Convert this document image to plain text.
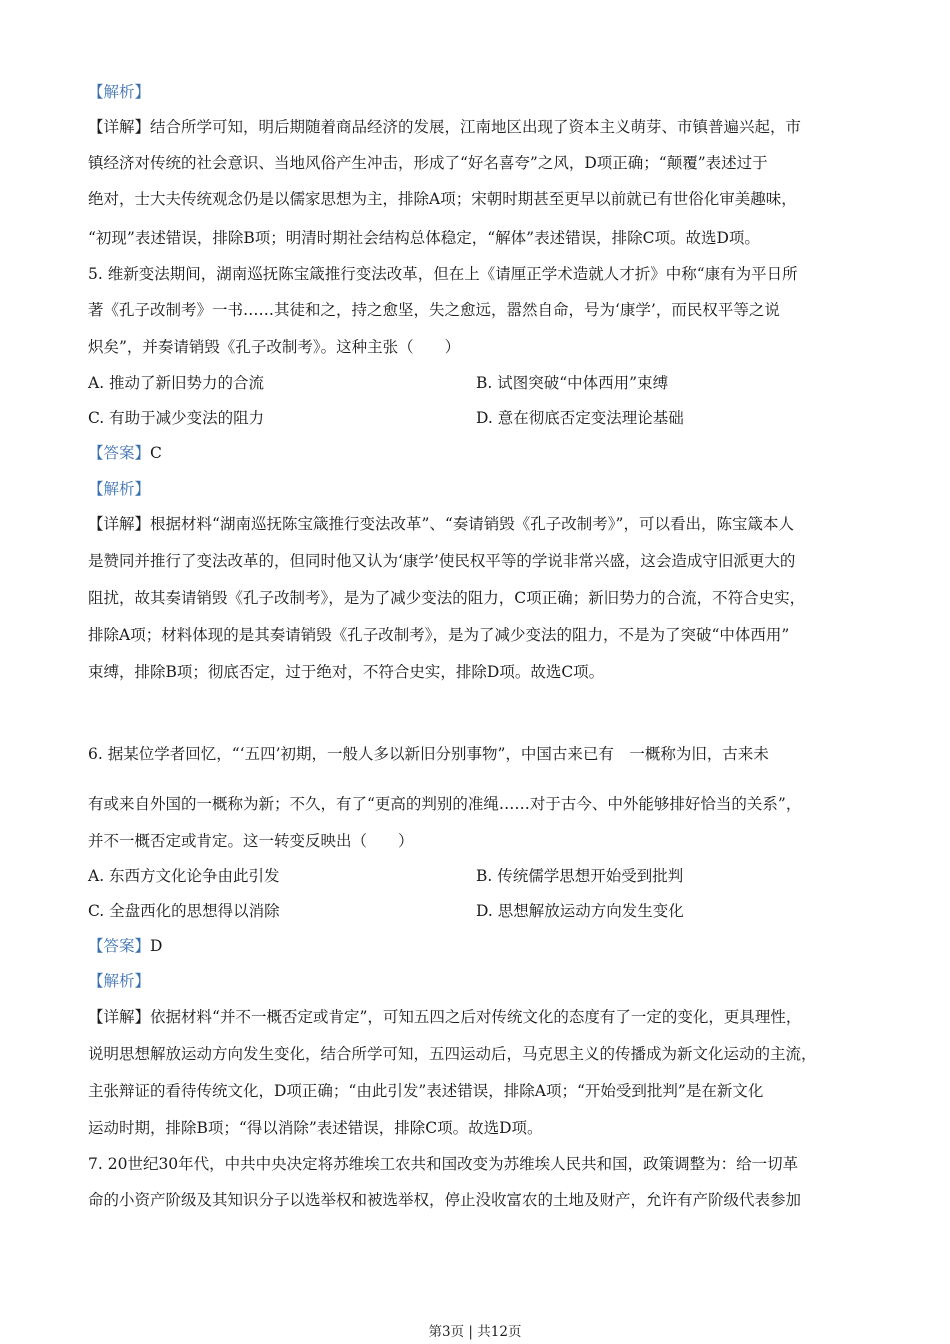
【解析】
【详解】结合所学可知，明后期随着商品经济的发展，江南地区出现了资本主义萌芽、市镇普遍兴起，市
镇经济对传统的社会意识、当地风俗产生冲击，形成了“好名喜夸”之风，D项正确；“颠覆”表述过于
绝对，士大夫传统观念仍是以儒家思想为主，排除A项；宋朝时期甚至更早以前就已有世俗化审美趣味，
“初现”表述错误，排除B项；明清时期社会结构总体稳定，“解体”表述错误，排除C项。故选D项。
5. 维新变法期间，湖南巡抚陈宝箴推行变法改革，但在上《请厘正学术造就人才折》中称“康有为平日所
著《孔子改制考》一书……其徒和之，持之愈坚，失之愈远，嚣然自命，号为‘康学’，而民权平等之说
炽矣”，并奏请销毁《孔子改制考》。这种主张（　　）
A. 推动了新旧势力的合流	B. 试图突破“中体西用”束缚
C. 有助于减少变法的阻力	D. 意在彻底否定变法理论基础
【答案】C
【解析】
【详解】根据材料“湖南巡抚陈宝箴推行变法改革”、“奏请销毁《孔子改制考》”，可以看出，陈宝箴本人
是赞同并推行了变法改革的，但同时他又认为‘康学’使民权平等的学说非常兴盛，这会造成守旧派更大的
阻扰，故其奏请销毁《孔子改制考》，是为了减少变法的阻力，C项正确；新旧势力的合流，不符合史实，
排除A项；材料体现的是其奏请销毁《孔子改制考》，是为了减少变法的阻力，不是为了突破“中体西用”
束缚，排除B项；彻底否定，过于绝对，不符合史实，排除D项。故选C项。
6. 据某位学者回忆，“‘五四’初期，一般人多以新旧分别事物”，中国古来已有　一概称为旧，古来未
有或来自外国的一概称为新；不久，有了“更高的判别的准绳……对于古今、中外能够排好恰当的关系”，
并不一概否定或肯定。这一转变反映出（　　）
A. 东西方文化论争由此引发	B. 传统儒学思想开始受到批判
C. 全盘西化的思想得以消除	D. 思想解放运动方向发生变化
【答案】D
【解析】
【详解】依据材料“并不一概否定或肯定”，可知五四之后对传统文化的态度有了一定的变化，更具理性，
说明思想解放运动方向发生变化，结合所学可知，五四运动后，马克思主义的传播成为新文化运动的主流，
主张辩证的看待传统文化，D项正确；“由此引发”表述错误，排除A项；“开始受到批判”是在新文化
运动时期，排除B项；“得以消除”表述错误，排除C项。故选D项。
7. 20世纪30年代，中共中央决定将苏维埃工农共和国改变为苏维埃人民共和国，政策调整为：给一切革
命的小资产阶级及其知识分子以选举权和被选举权，停止没收富农的土地及财产，允许有产阶级代表参加
第3页 | 共12页
